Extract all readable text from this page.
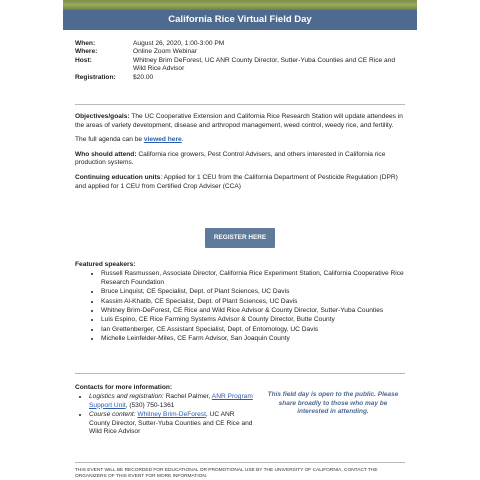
California Rice Virtual Field Day
When:	August 26, 2020, 1:00-3:00 PM
Where:	Online Zoom Webinar
Host:	Whitney Brim DeForest, UC ANR County Director, Sutter-Yuba Counties and CE Rice and Wild Rice Advisor
Registration:	$20.00

Objectives/goals: The UC Cooperative Extension and California Rice Research Station will update attendees in the areas of variety development, disease and arthropod management, weed control, weedy rice, and fertility.

The full agenda can be viewed here.

Who should attend: California rice growers, Pest Control Advisers, and others interested in California rice production systems.

Continuing education units: Applied for 1 CEU from the California Department of Pesticide Regulation (DPR) and applied for 1 CEU from Certified Crop Adviser (CCA)

REGISTER HERE
Featured speakers:
• Russell Rasmussen, Associate Director, California Rice Experiment Station, California Cooperative Rice Research Foundation
• Bruce Linquist, CE Specialist, Dept. of Plant Sciences, UC Davis
• Kassim Al-Khatib, CE Specialist, Dept. of Plant Sciences, UC Davis
• Whitney Brim-DeForest, CE Rice and Wild Rice Advisor & County Director, Sutter-Yuba Counties
• Luis Espino, CE Rice Farming Systems Advisor & County Director, Butte County
• Ian Grettenberger, CE Assistant Specialist, Dept. of Entomology, UC Davis
• Michelle Leinfelder-Miles, CE Farm Advisor, San Joaquin County
Contacts for more information:
• Logistics and registration: Rachel Palmer, ANR Program Support Unit, (530) 750-1361
• Course content: Whitney Brim-DeForest, UC ANR County Director, Sutter-Yuba Counties and CE Rice and Wild Rice Advisor
This field day is open to the public. Please share broadly to those who may be interested in attending.
THIS EVENT WILL BE RECORDED FOR EDUCATIONAL OR PROMOTIONAL USE BY THE UNIVERSITY OF CALIFORNIA. CONTACT THE ORGANIZERS OF THIS EVENT FOR MORE INFORMATION.
